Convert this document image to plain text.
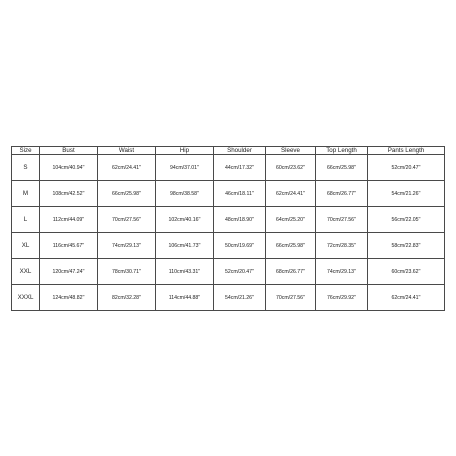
Size	Bust	Waist	Hip	Shoulder	Sleeve	Top Length	Pants Length
S	104cm/40.94''	62cm/24.41''	94cm/37.01''	44cm/17.32''	60cm/23.62''	66cm/25.98''	52cm/20.47''
M	108cm/42.52''	66cm/25.98''	98cm/38.58''	46cm/18.11''	62cm/24.41''	68cm/26.77''	54cm/21.26''
L	112cm/44.09''	70cm/27.56''	102cm/40.16''	48cm/18.90''	64cm/25.20''	70cm/27.56''	56cm/22.05''
XL	116cm/45.67''	74cm/29.13''	106cm/41.73''	50cm/19.69''	66cm/25.98''	72cm/28.35''	58cm/22.83''
XXL	120cm/47.24''	78cm/30.71''	110cm/43.31''	52cm/20.47''	68cm/26.77''	74cm/29.13''	60cm/23.62''
XXXL	124cm/48.82''	82cm/32.28''	114cm/44.88''	54cm/21.26''	70cm/27.56''	76cm/29.92''	62cm/24.41''
